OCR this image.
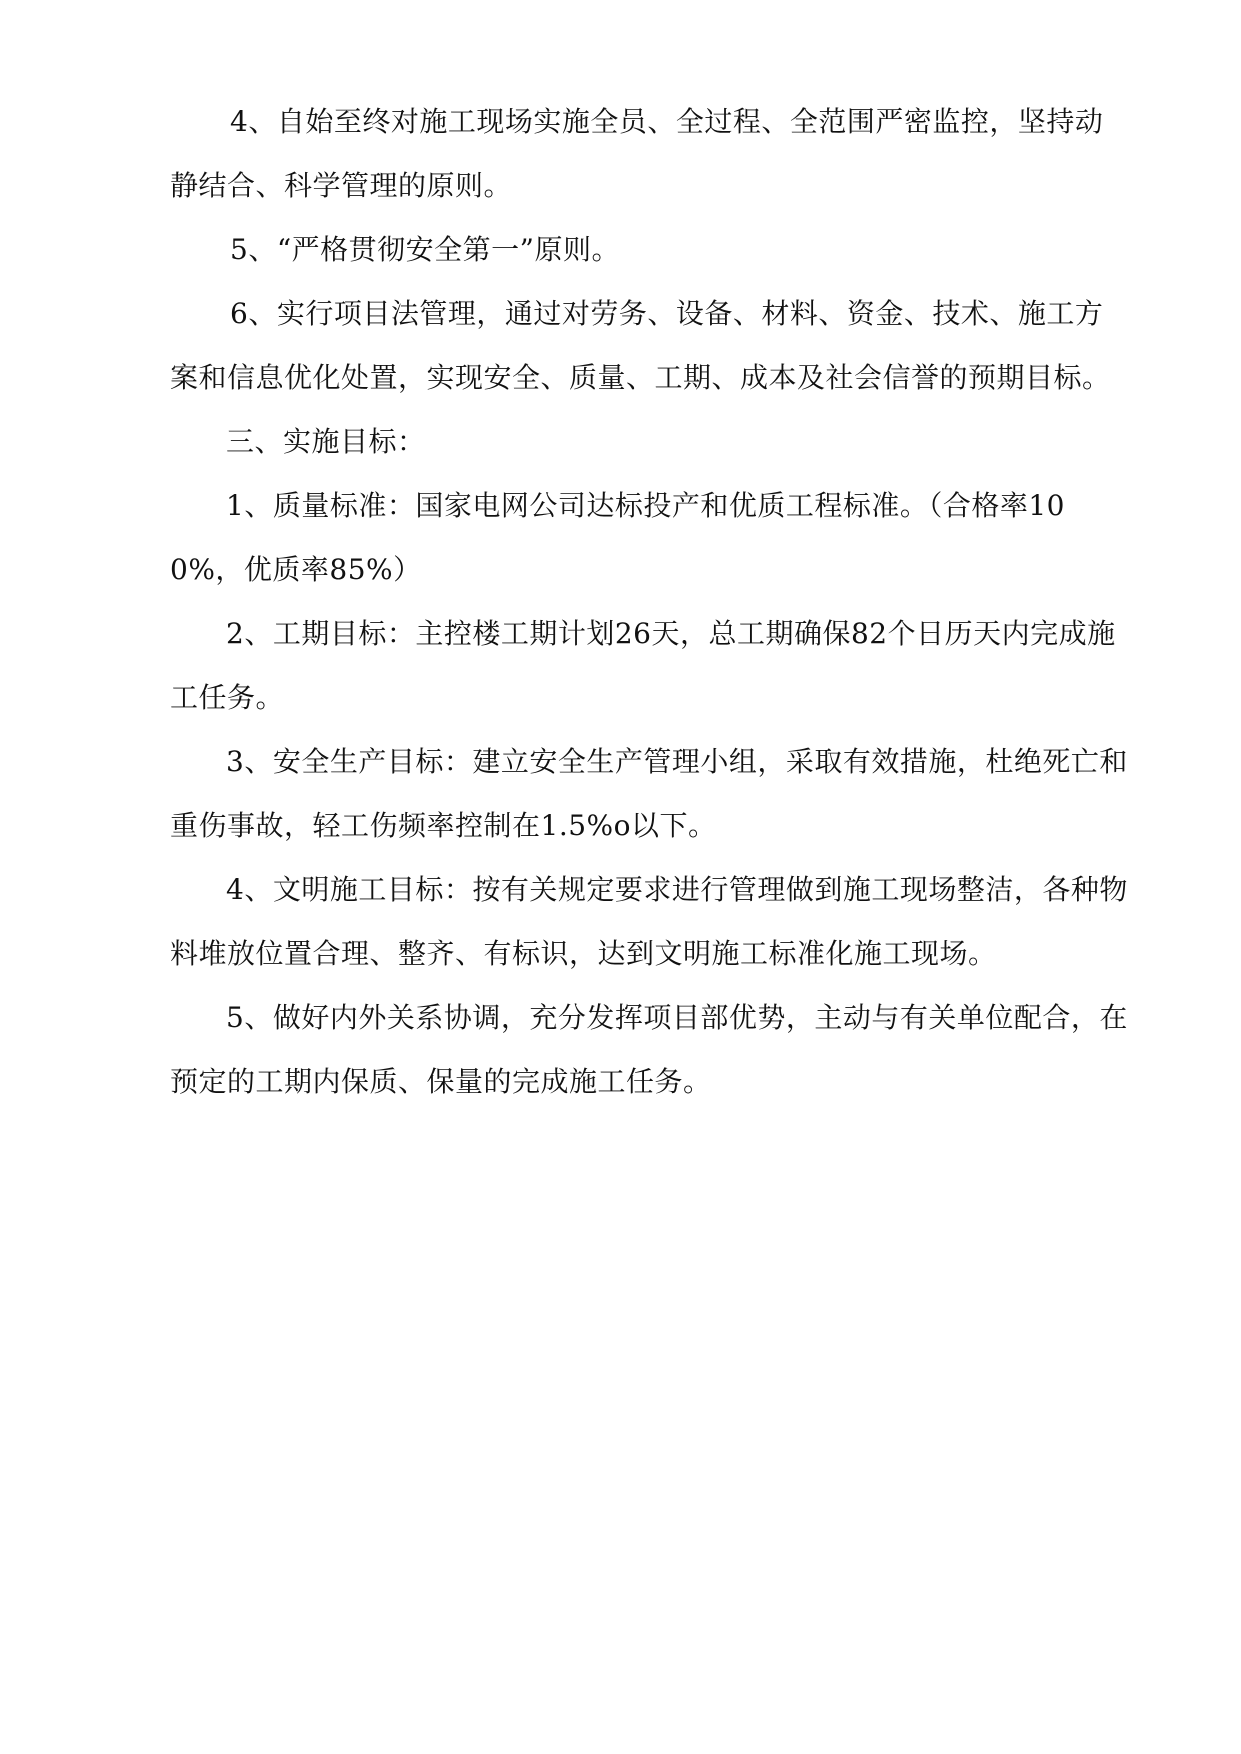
4、自始至终对施工现场实施全员、全过程、全范围严密监控，坚持动静结合、科学管理的原则。

5、“严格贯彻安全第一”原则。

6、实行项目法管理，通过对劳务、设备、材料、资金、技术、施工方案和信息优化处置，实现安全、质量、工期、成本及社会信誉的预期目标。

三、实施目标：

1、质量标准：国家电网公司达标投产和优质工程标准。（合格率100%，优质率85%）

2、工期目标：主控楼工期计划26天，总工期确保82个日历天内完成施工任务。

3、安全生产目标：建立安全生产管理小组，采取有效措施，杜绝死亡和重伤事故，轻工伤频率控制在1.5%o以下。

4、文明施工目标：按有关规定要求进行管理做到施工现场整洁，各种物料堆放位置合理、整齐、有标识，达到文明施工标准化施工现场。

5、做好内外关系协调，充分发挥项目部优势，主动与有关单位配合，在预定的工期内保质、保量的完成施工任务。
